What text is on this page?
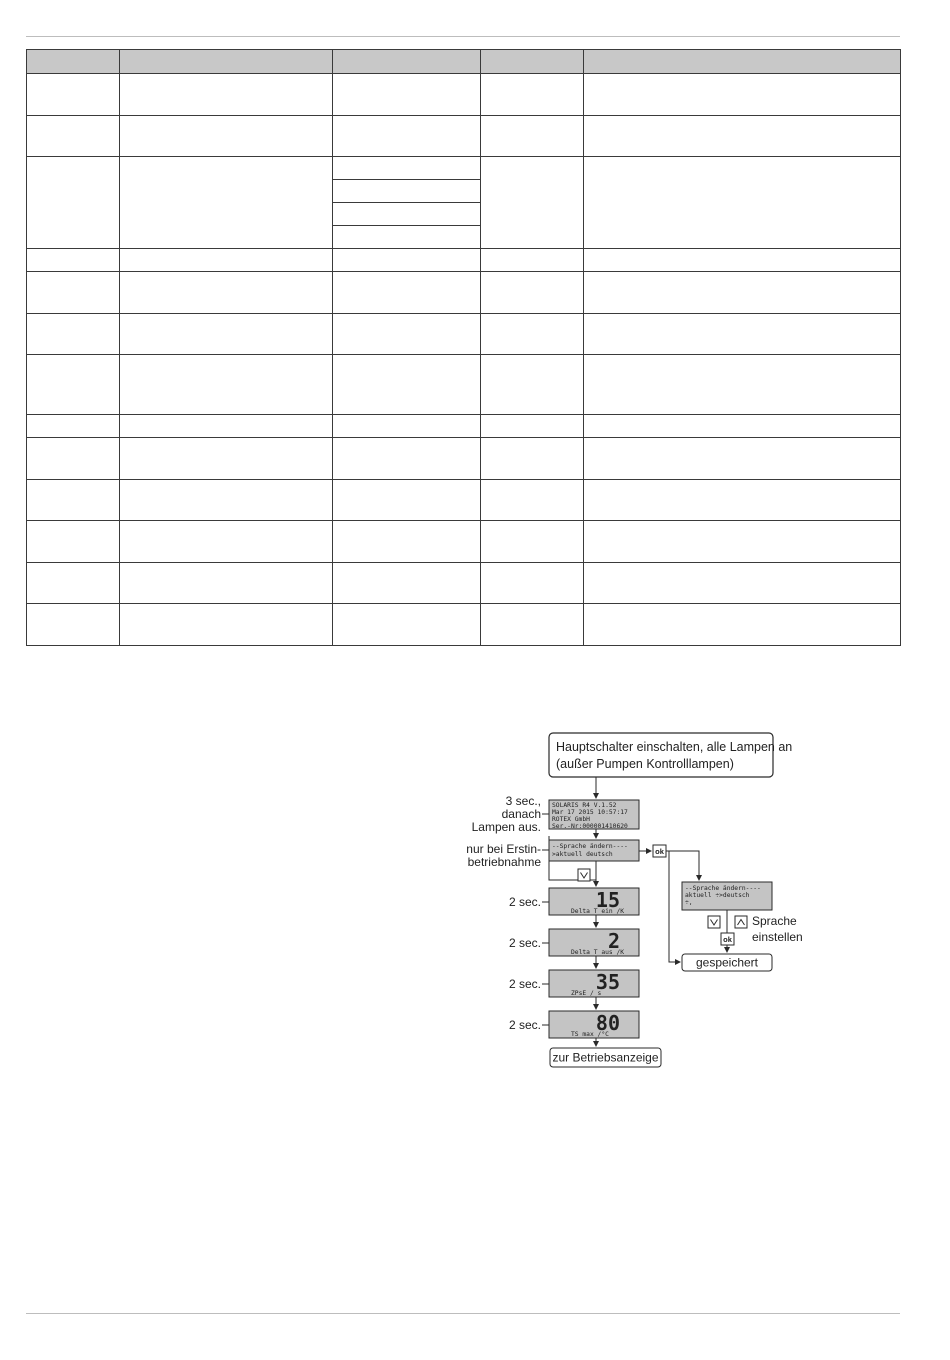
Hauptschalter einschalten, alle Lampen an
(außer Pumpen Kontrolllampen)
SOLARIS R4 V.1.52
Mar 17 2015 10:57:17
ROTEX GmbH
Ser.-Nr:000001410620
3 sec.,
danach
Lampen aus.
--Sprache ändern----
>aktuell deutsch
nur bei Erstin-
betriebnahme
ok
--Sprache ändern----
aktuell ÷>deutsch
÷,
ok
Sprache
einstellen
gespeichert
15
Delta T ein /K
2 sec.
2
Delta T aus /K
2 sec.
35
ZPsE / s
2 sec.
80
TS max /°C
2 sec.
zur Betriebsanzeige
